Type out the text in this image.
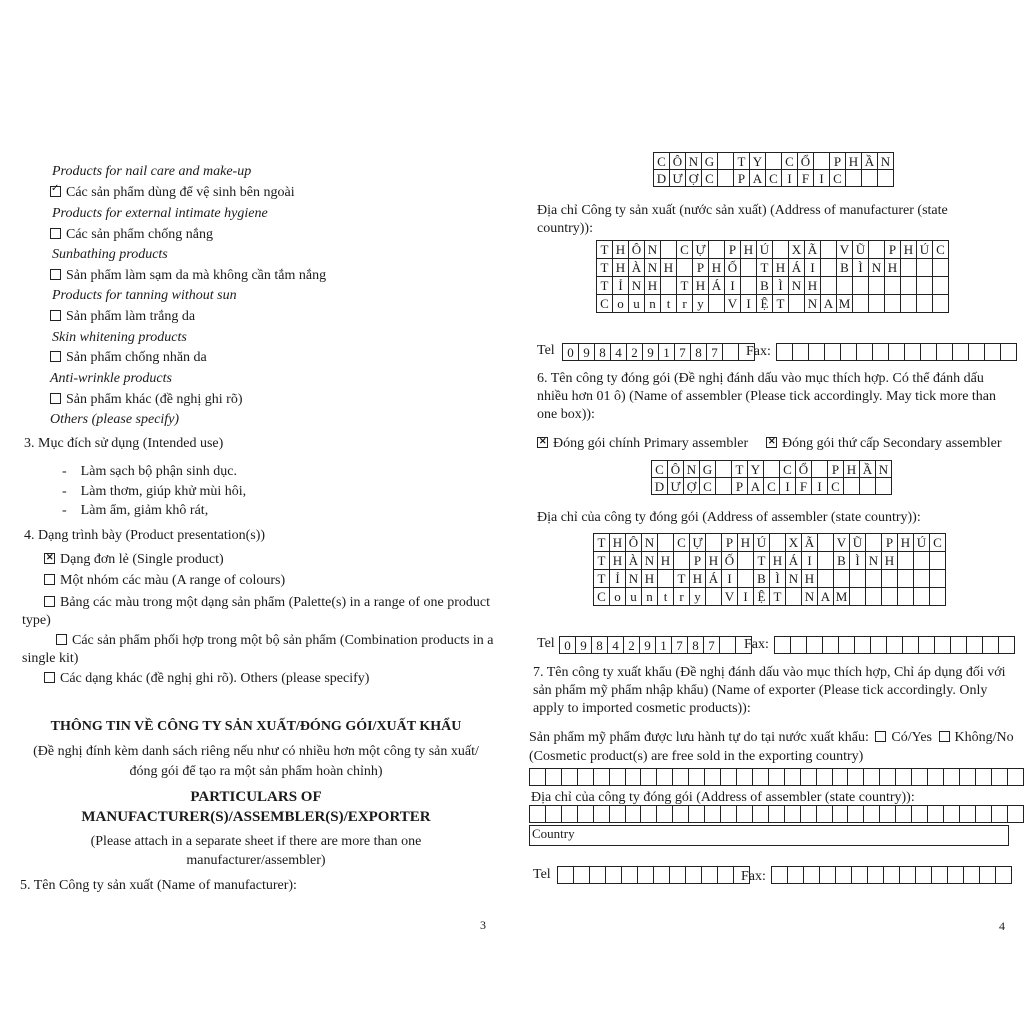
Products for nail care and make-up
✓Các sản phẩm dùng để vệ sinh bên ngoài
Products for external intimate hygiene
Các sản phẩm chống nắng
Sunbathing products
Sản phẩm làm sạm da mà không cần tắm nắng
Products for tanning without sun
Sản phẩm làm trắng da
Skin whitening products
Sản phẩm chống nhăn da
Anti-wrinkle products
Sản phẩm khác (đề nghị ghi rõ)
Others (please specify)
3. Mục đích sử dụng (Intended use)
-    Làm sạch bộ phận sinh dục.
-    Làm thơm, giúp khử mùi hôi,
-    Làm ẩm, giảm khô rát,
4. Dạng trình bày (Product presentation(s))
✕Dạng đơn lẻ (Single product)
Một nhóm các màu (A range of colours)
Bảng các màu trong một dạng sản phẩm (Palette(s) in a range of one product type)
Các sản phẩm phối hợp trong một bộ sản phẩm (Combination products in a single kit)
Các dạng khác (đề nghị ghi rõ). Others (please specify)
THÔNG TIN VỀ CÔNG TY SẢN XUẤT/ĐÓNG GÓI/XUẤT KHẨU
(Đề nghị đính kèm danh sách riêng nếu như có nhiều hơn một công ty sản xuất/
đóng gói để tạo ra một sản phẩm hoàn chỉnh)
PARTICULARS OF
MANUFACTURER(S)/ASSEMBLER(S)/EXPORTER
(Please attach in a separate sheet if there are more than one
manufacturer/assembler)
5. Tên Công ty sản xuất (Name of manufacturer):
3
C	Ô	N	G		T	Y		C	Ổ		P	H	Ầ	N
D	Ư	Ợ	C		P	A	C	I	F	I	C			
Địa chỉ Công ty sản xuất (nước sản xuất) (Address of manufacturer (state country)):
T	H	Ô	N		C	Ự		P	H	Ú		X	Ã		V	Ũ		P	H	Ú	C
T	H	À	N	H		P	H	Ố		T	H	Á	I		B	Ì	N	H			
T	Ỉ	N	H		T	H	Á	I		B	Ì	N	H								
C	o	u	n	t	r	y		V	I	Ệ	T		N	A	M						
Tel 0	9	8	4	2	9	1	7	8	7		Fax:

6. Tên công ty đóng gói (Đề nghị đánh dấu vào mục thích hợp. Có thể đánh dấu nhiều hơn 01 ô) (Name of assembler (Please tick accordingly. May tick more than one box)):
✕Đóng gói chính Primary assembler ✕	Đóng gói thứ cấp Secondary assembler
C	Ô	N	G		T	Y		C	Ổ		P	H	Ầ	N
D	Ư	Ợ	C		P	A	C	I	F	I	C			
Địa chỉ của công ty đóng gói (Address of assembler (state country)):
T	H	Ô	N		C	Ự		P	H	Ú		X	Ã		V	Ũ		P	H	Ú	C
T	H	À	N	H		P	H	Ố		T	H	Á	I		B	Ì	N	H			
T	Ỉ	N	H		T	H	Á	I		B	Ì	N	H								
C	o	u	n	t	r	y		V	I	Ệ	T		N	A	M						
Tel 0	9	8	4	2	9	1	7	8	7		Fax:

7. Tên công ty xuất khẩu (Đề nghị đánh dấu vào mục thích hợp, Chỉ áp dụng đối với sản phẩm mỹ phẩm nhập khẩu) (Name of exporter (Please tick accordingly. Only apply to imported cosmetic products)):
Sản phẩm mỹ phẩm được lưu hành tự do tại nước xuất khẩu: Có/Yes Không/No
(Cosmetic product(s) are free sold in the exporting country)

Địa chỉ của công ty đóng gói (Address of assembler (state country)):

Country
Tel
												Fax:

4
